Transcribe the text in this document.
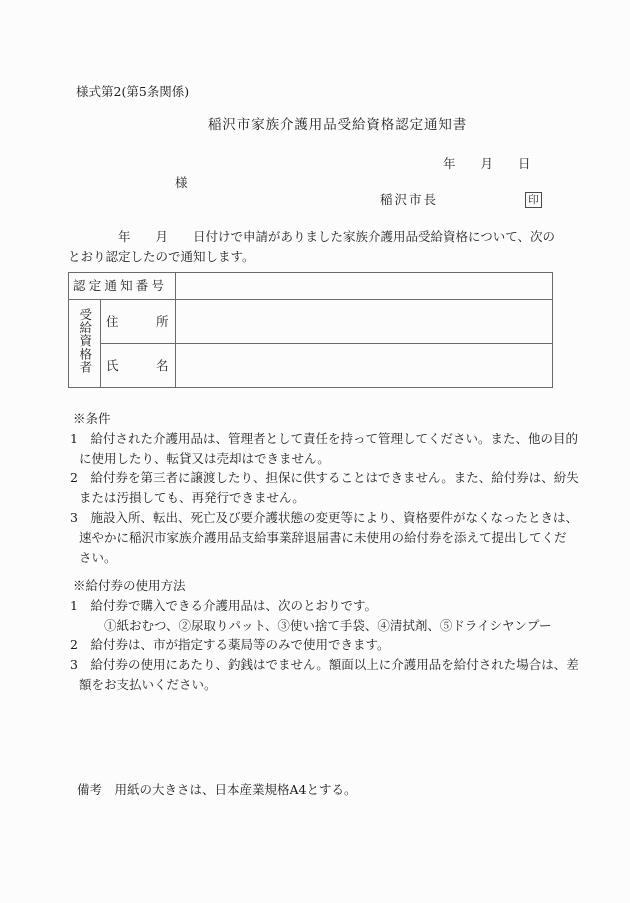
様式第2(第5条関係)
稲沢市家族介護用品受給資格認定通知書
年　　月　　日
様
稲沢市長	印
　　　　年　　月　　日付けで申請がありました家族介護用品受給資格について、次の
とおり認定したので通知します。
認定通知番号		
受給資格者	住　　　所	
	氏　　　名	
※条件
1　給付された介護用品は、管理者として責任を持って管理してください。また、他の目的
に使用したり、転貸又は売却はできません。
2　給付券を第三者に譲渡したり、担保に供することはできません。また、給付券は、紛失
または汚損しても、再発行できません。
3　施設入所、転出、死亡及び要介護状態の変更等により、資格要件がなくなったときは、
速やかに稲沢市家族介護用品支給事業辞退届書に未使用の給付券を添えて提出してくだ
さい。
※給付券の使用方法
1　給付券で購入できる介護用品は、次のとおりです。
　　①紙おむつ、②尿取りパット、③使い捨て手袋、④清拭剤、⑤ドライシヤンプー
2　給付券は、市が指定する薬局等のみで使用できます。
3　給付券の使用にあたり、釣銭はでません。額面以上に介護用品を給付された場合は、差
額をお支払いください。
備考　用紙の大きさは、日本産業規格A4とする。
